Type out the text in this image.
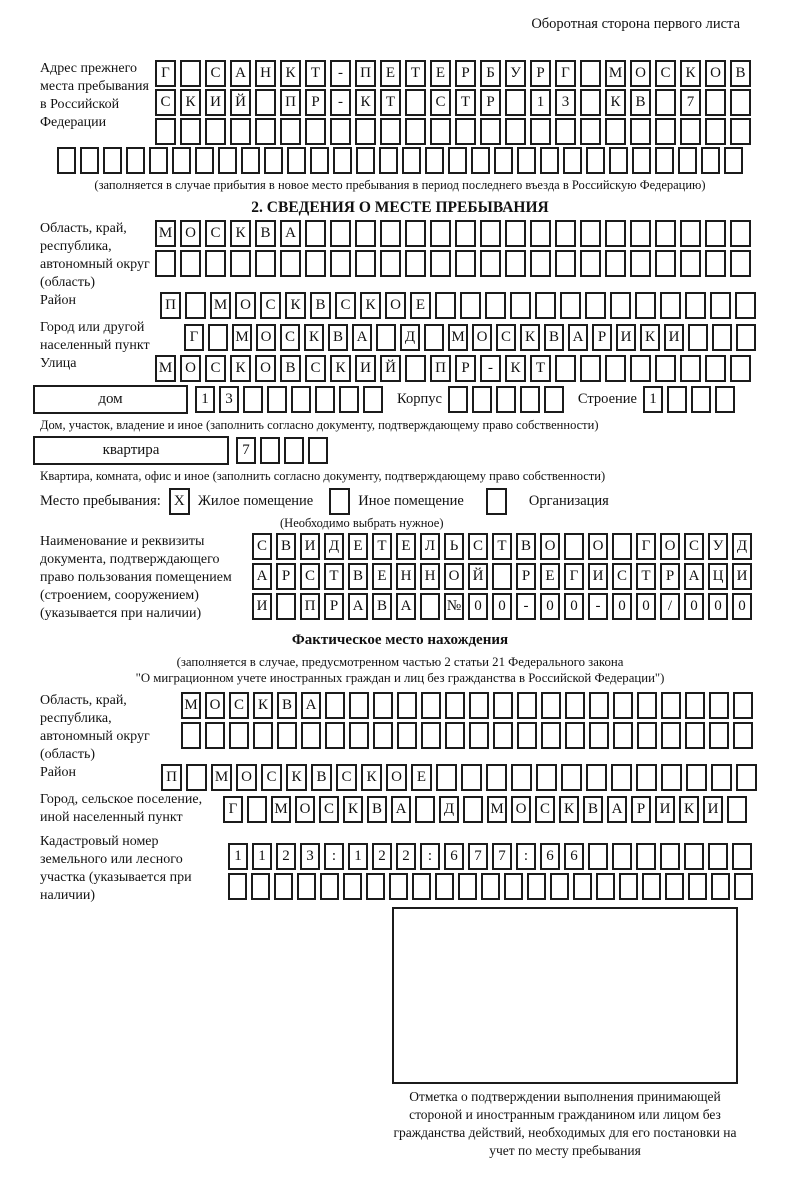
Оборотная сторона первого листа
Адрес прежнего места пребывания в Российской Федерации
Г	С А Н К	Т	-	П Е	Т	Е	Р	Б	У	Р	Г	М О С К О В
С К И Й	П	Р	-	К	Т	С	Т	Р	1	3	К В	7
(заполняется в случае прибытия в новое место пребывания в период последнего въезда в Российскую Федерацию)
2. СВЕДЕНИЯ О МЕСТЕ ПРЕБЫВАНИЯ
Область, край, республика, автономный округ (область)
М О С К В А
Район	П	М О С К В С К О Е
Город или другой населенный пункт
Г	М О С К В А	Д	М О С К В А Р И К И
Улица	М О С К О В С К И Й	П	Р	-	К	Т
дом	1	3	Корпус	Строение 1
Дом, участок, владение и иное (заполнить согласно документу, подтверждающему право собственности)
квартира	7
Квартира, комната, офис и иное (заполнить согласно документу, подтверждающему право собственности)
Место пребывания: X Жилое помещение	Иное помещение	Организация
(Необходимо выбрать нужное)
Наименование и реквизиты документа, подтверждающего право пользования помещением (строением, сооружением) (указывается при наличии)
С В И Д Е Т Е Л Ь С Т В О	О	Г О С У Д
А Р С Т В Е Н Н О Й	Р	Е	Г И С Т	Р А Ц И
И	П Р А В А	№ 0	0	-	0	0	-	0	0	/	0	0	0
Фактическое место нахождения
(заполняется в случае, предусмотренном частью 2 статьи 21 Федерального закона
"О миграционном учете иностранных граждан и лиц без гражданства в Российской Федерации")
Область, край, республика, автономный округ (область)
М О С К В А
Район	П	М О С К В С К О Е
Город, сельское поселение, иной населенный пункт
Г	М О С К В А	Д	М О С К В А Р И К И
Кадастровый номер земельного или лесного участка (указывается при наличии)
1	1	2	3	:	1	2	2	:	6	7	7	:	6	6
Отметка о подтверждении выполнения принимающей стороной и иностранным гражданином или лицом без гражданства действий, необходимых для его постановки на учет по месту пребывания
